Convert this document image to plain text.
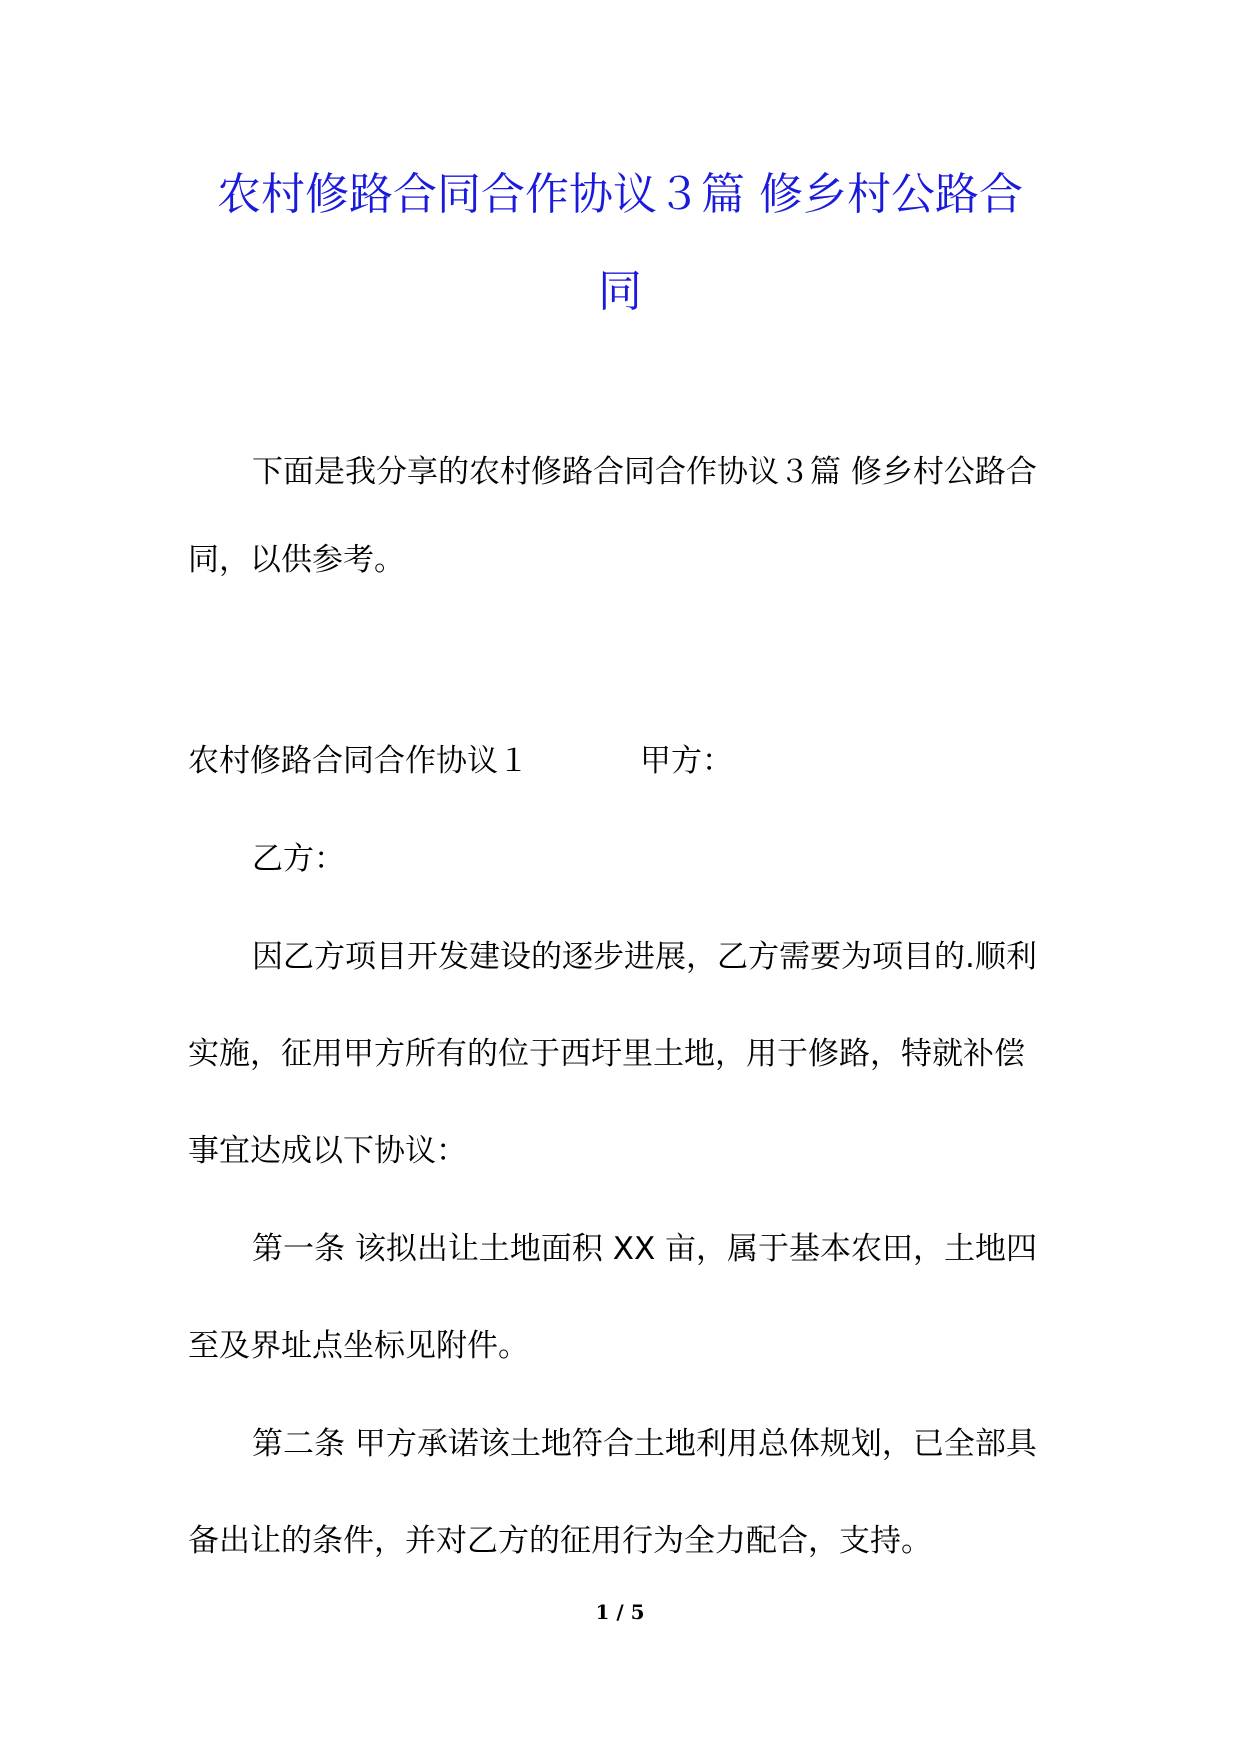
农村修路合同合作协议３篇 修乡村公路合
同

下面是我分享的农村修路合同合作协议３篇 修乡村公路合

同，以供参考。

农村修路合同合作协议１	甲方：

乙方：

因乙方项目开发建设的逐步进展，乙方需要为项目的.顺利

实施，征用甲方所有的位于西圩里土地，用于修路，特就补偿

事宜达成以下协议：

第一条 该拟出让土地面积 XX 亩，属于基本农田，土地四

至及界址点坐标见附件。

第二条 甲方承诺该土地符合土地利用总体规划，已全部具

备出让的条件，并对乙方的征用行为全力配合，支持。

1 / 5
